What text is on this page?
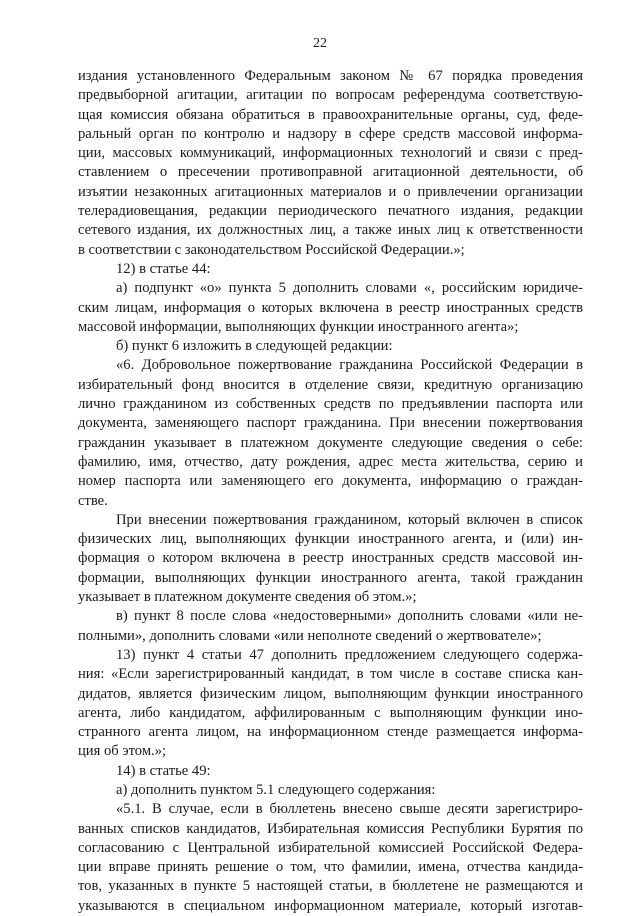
22
издания установленного Федеральным законом № 67 порядка проведения
предвыборной агитации, агитации по вопросам референдума соответствую-
щая комиссия обязана обратиться в правоохранительные органы, суд, феде-
ральный орган по контролю и надзору в сфере средств массовой информа-
ции, массовых коммуникаций, информационных технологий и связи с пред-
ставлением о пресечении противоправной агитационной деятельности, об
изъятии незаконных агитационных материалов и о привлечении организации
телерадиовещания, редакции периодического печатного издания, редакции
сетевого издания, их должностных лиц, а также иных лиц к ответственности
в соответствии с законодательством Российской Федерации.»;
12) в статье 44:
а) подпункт «о» пункта 5 дополнить словами «, российским юридиче-
ским лицам, информация о которых включена в реестр иностранных средств
массовой информации, выполняющих функции иностранного агента»;
б) пункт 6 изложить в следующей редакции:
«6. Добровольное пожертвование гражданина Российской Федерации в
избирательный фонд вносится в отделение связи, кредитную организацию
лично гражданином из собственных средств по предъявлении паспорта или
документа, заменяющего паспорт гражданина. При внесении пожертвования
гражданин указывает в платежном документе следующие сведения о себе:
фамилию, имя, отчество, дату рождения, адрес места жительства, серию и
номер паспорта или заменяющего его документа, информацию о граждан-
стве.
При внесении пожертвования гражданином, который включен в список
физических лиц, выполняющих функции иностранного агента, и (или) ин-
формация о котором включена в реестр иностранных средств массовой ин-
формации, выполняющих функции иностранного агента, такой гражданин
указывает в платежном документе сведения об этом.»;
в) пункт 8 после слова «недостоверными» дополнить словами «или не-
полными», дополнить словами «или неполноте сведений о жертвователе»;
13) пункт 4 статьи 47 дополнить предложением следующего содержа-
ния: «Если зарегистрированный кандидат, в том числе в составе списка кан-
дидатов, является физическим лицом, выполняющим функции иностранного
агента, либо кандидатом, аффилированным с выполняющим функции ино-
странного агента лицом, на информационном стенде размещается информа-
ция об этом.»;
14) в статье 49:
а) дополнить пунктом 5.1 следующего содержания:
«5.1. В случае, если в бюллетень внесено свыше десяти зарегистриро-
ванных списков кандидатов, Избирательная комиссия Республики Бурятия по
согласованию с Центральной избирательной комиссией Российской Федера-
ции вправе принять решение о том, что фамилии, имена, отчества кандида-
тов, указанных в пункте 5 настоящей статьи, в бюллетене не размещаются и
указываются в специальном информационном материале, который изготав-
